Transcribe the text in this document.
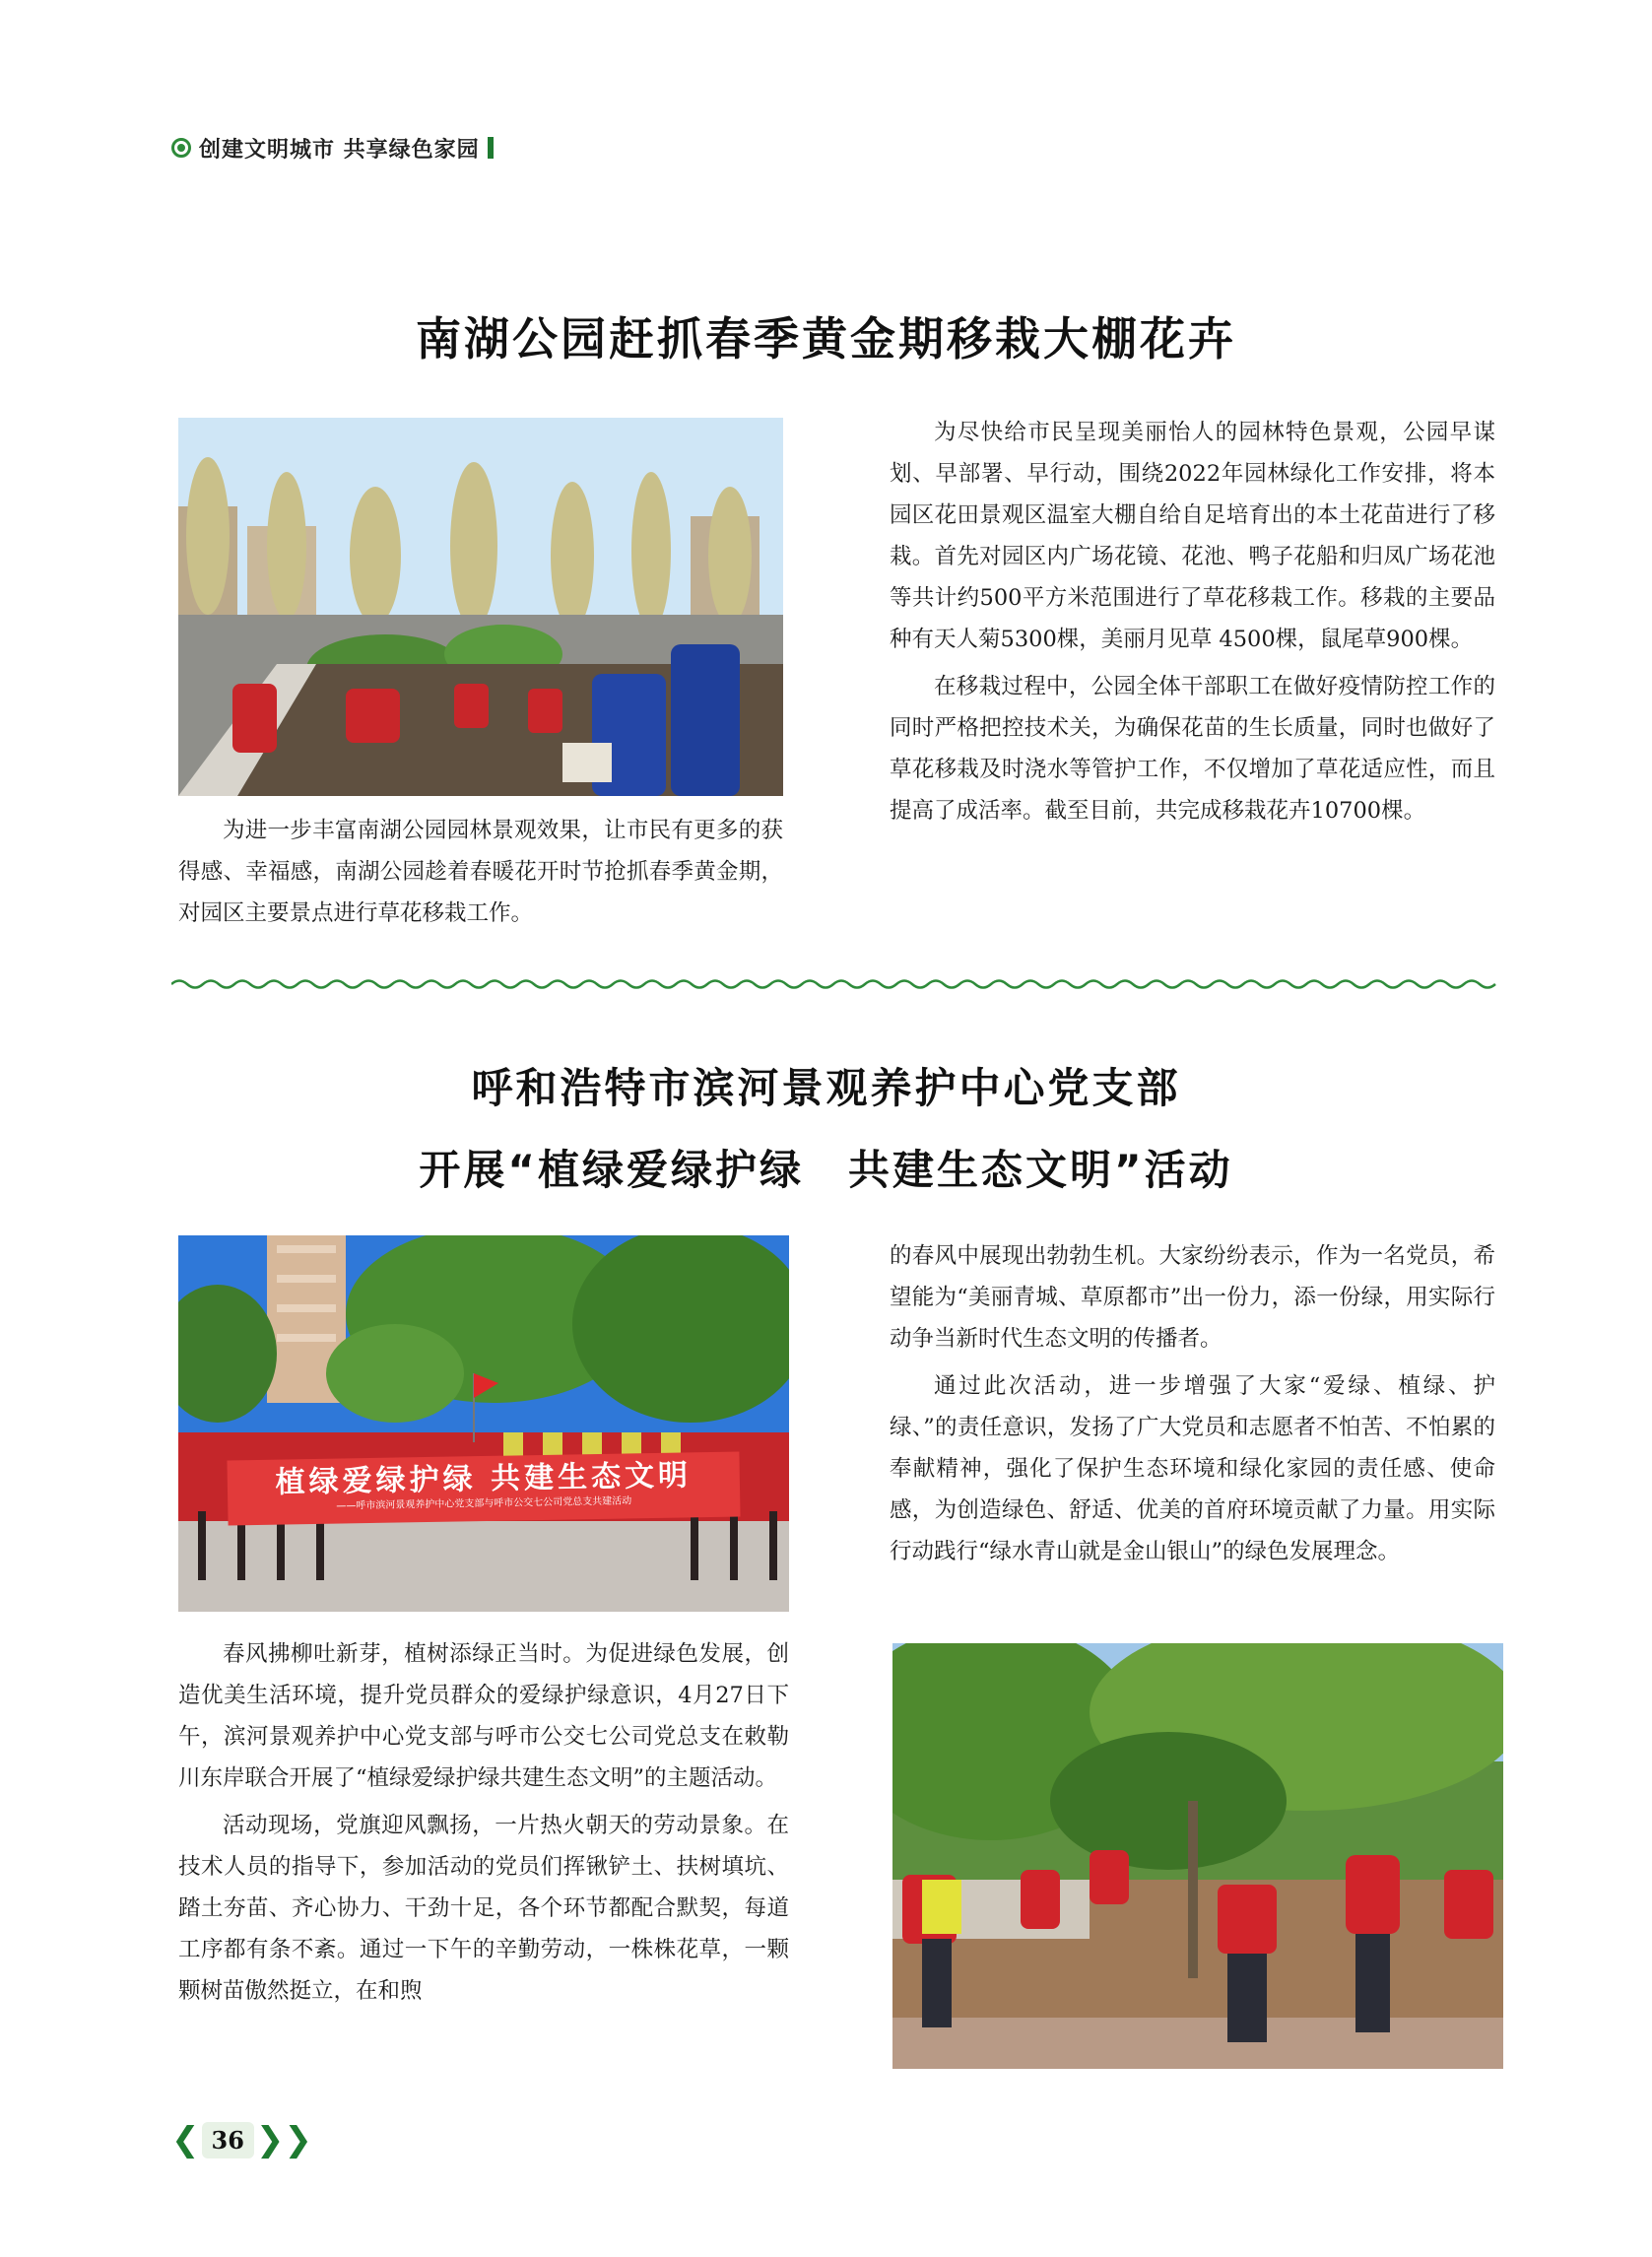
创建文明城市 共享绿色家园
南湖公园赶抓春季黄金期移栽大棚花卉

为进一步丰富南湖公园园林景观效果，让市民有更多的获得感、幸福感，南湖公园趁着春暖花开时节抢抓春季黄金期，对园区主要景点进行草花移栽工作。

为尽快给市民呈现美丽怡人的园林特色景观，公园早谋划、早部署、早行动，围绕2022年园林绿化工作安排，将本园区花田景观区温室大棚自给自足培育出的本土花苗进行了移栽。首先对园区内广场花镜、花池、鸭子花船和归凤广场花池等共计约500平方米范围进行了草花移栽工作。移栽的主要品种有天人菊5300棵，美丽月见草 4500棵，鼠尾草900棵。

在移栽过程中，公园全体干部职工在做好疫情防控工作的同时严格把控技术关，为确保花苗的生长质量，同时也做好了草花移栽及时浇水等管护工作，不仅增加了草花适应性，而且提高了成活率。截至目前，共完成移栽花卉10700棵。

呼和浩特市滨河景观养护中心党支部
开展“植绿爱绿护绿　共建生态文明”活动
植绿爱绿护绿 共建生态文明
——呼市滨河景观养护中心党支部与呼市公交七公司党总支共建活动

春风拂柳吐新芽，植树添绿正当时。为促进绿色发展，创造优美生活环境，提升党员群众的爱绿护绿意识，4月27日下午，滨河景观养护中心党支部与呼市公交七公司党总支在敕勒川东岸联合开展了“植绿爱绿护绿共建生态文明”的主题活动。

活动现场，党旗迎风飘扬，一片热火朝天的劳动景象。在技术人员的指导下，参加活动的党员们挥锹铲土、扶树填坑、踏土夯苗、齐心协力、干劲十足，各个环节都配合默契，每道工序都有条不紊。通过一下午的辛勤劳动，一株株花草，一颗颗树苗傲然挺立，在和煦

的春风中展现出勃勃生机。大家纷纷表示，作为一名党员，希望能为“美丽青城、草原都市”出一份力，添一份绿，用实际行动争当新时代生态文明的传播者。

通过此次活动，进一步增强了大家“爱绿、植绿、护绿、”的责任意识，发扬了广大党员和志愿者不怕苦、不怕累的奉献精神，强化了保护生态环境和绿化家园的责任感、使命感，为创造绿色、舒适、优美的首府环境贡献了力量。用实际行动践行“绿水青山就是金山银山”的绿色发展理念。

❮ 36 ❯❯
